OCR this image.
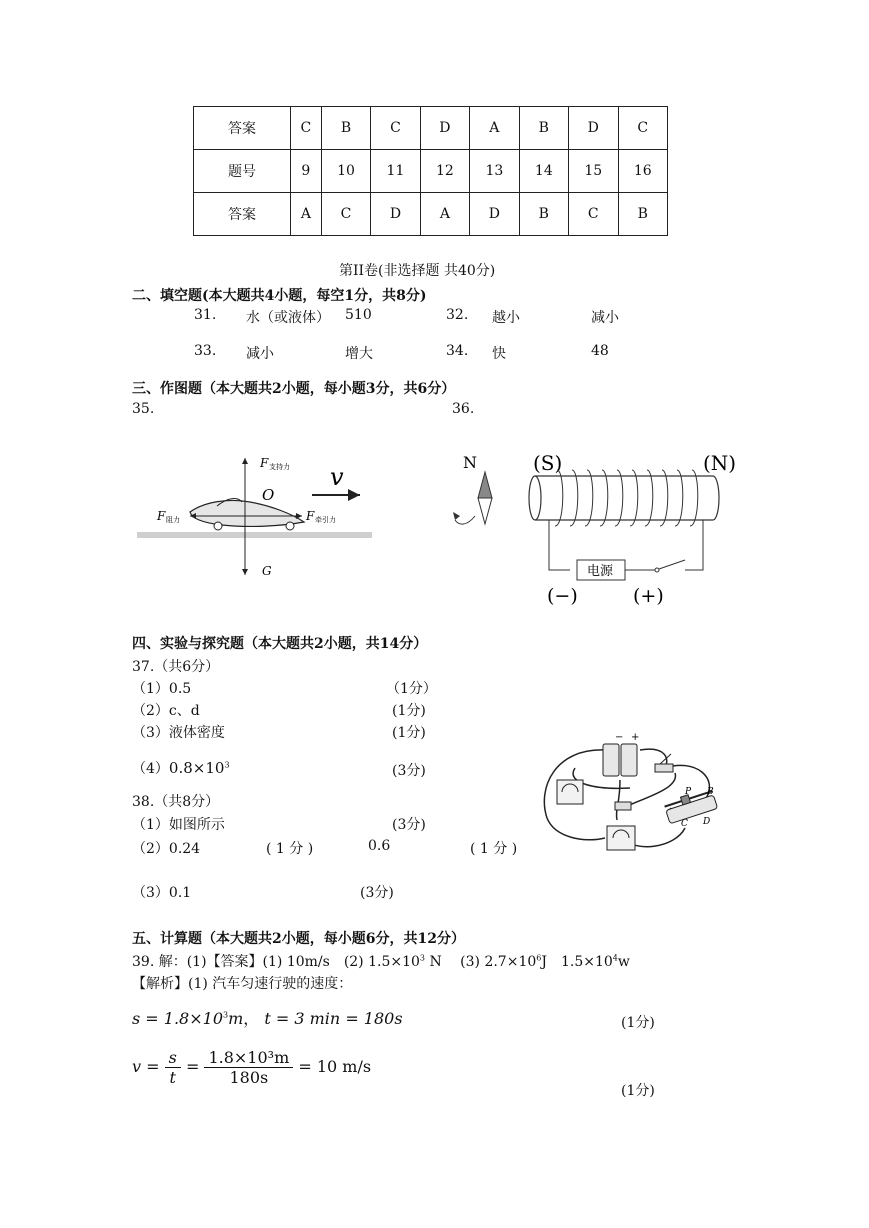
答案	C	B	C	D	A	B	D	C
题号	9	10	11	12	13	14	15	16
答案	A	C	D	A	D	B	C	B
第II卷(非选择题 共40分)
二、填空题(本大题共4小题，每空1分，共8分)
31. 水（或液体） 510	32. 越小	减小
33. 减小	增大	34. 快	48
三、作图题（本大题共2小题，每小题3分，共6分）
35.	36.
F 支持力
F 阻力	F 牵引力
O
v
G
N	(S)	(N)
电源
(−)	(+)
四、实验与探究题（本大题共2小题，共14分）
37.（共6分）
（1）0.5	（1分）
（2）c、d	(1分)
（3）液体密度	(1分)
$(4)0.8\times 10^3$	(3分)
38.（共8分）
（1）如图所示	(3分)
（2）0.24	( 1 分 )	0.6	( 1 分 )
（3）0.1	(3分)
− +
P B
C D
五、计算题（本大题共2小题，每小题6分，共12分）
39. 解：(1)【答案】(1) 10m/s　(2) $1.5\times 10^3$ N　 (3) $2.7\times 10^6J$　$1.5\times 10^4w$
【解析】(1) 汽车匀速行驶的速度：
$s = 1.8\times 10^3m$， t = 3 min = 180s	(1分)
$v = \frac{s}{t} = \frac{\text{1.8×10³m}}{180s} = 10$ m/s
(1分)
